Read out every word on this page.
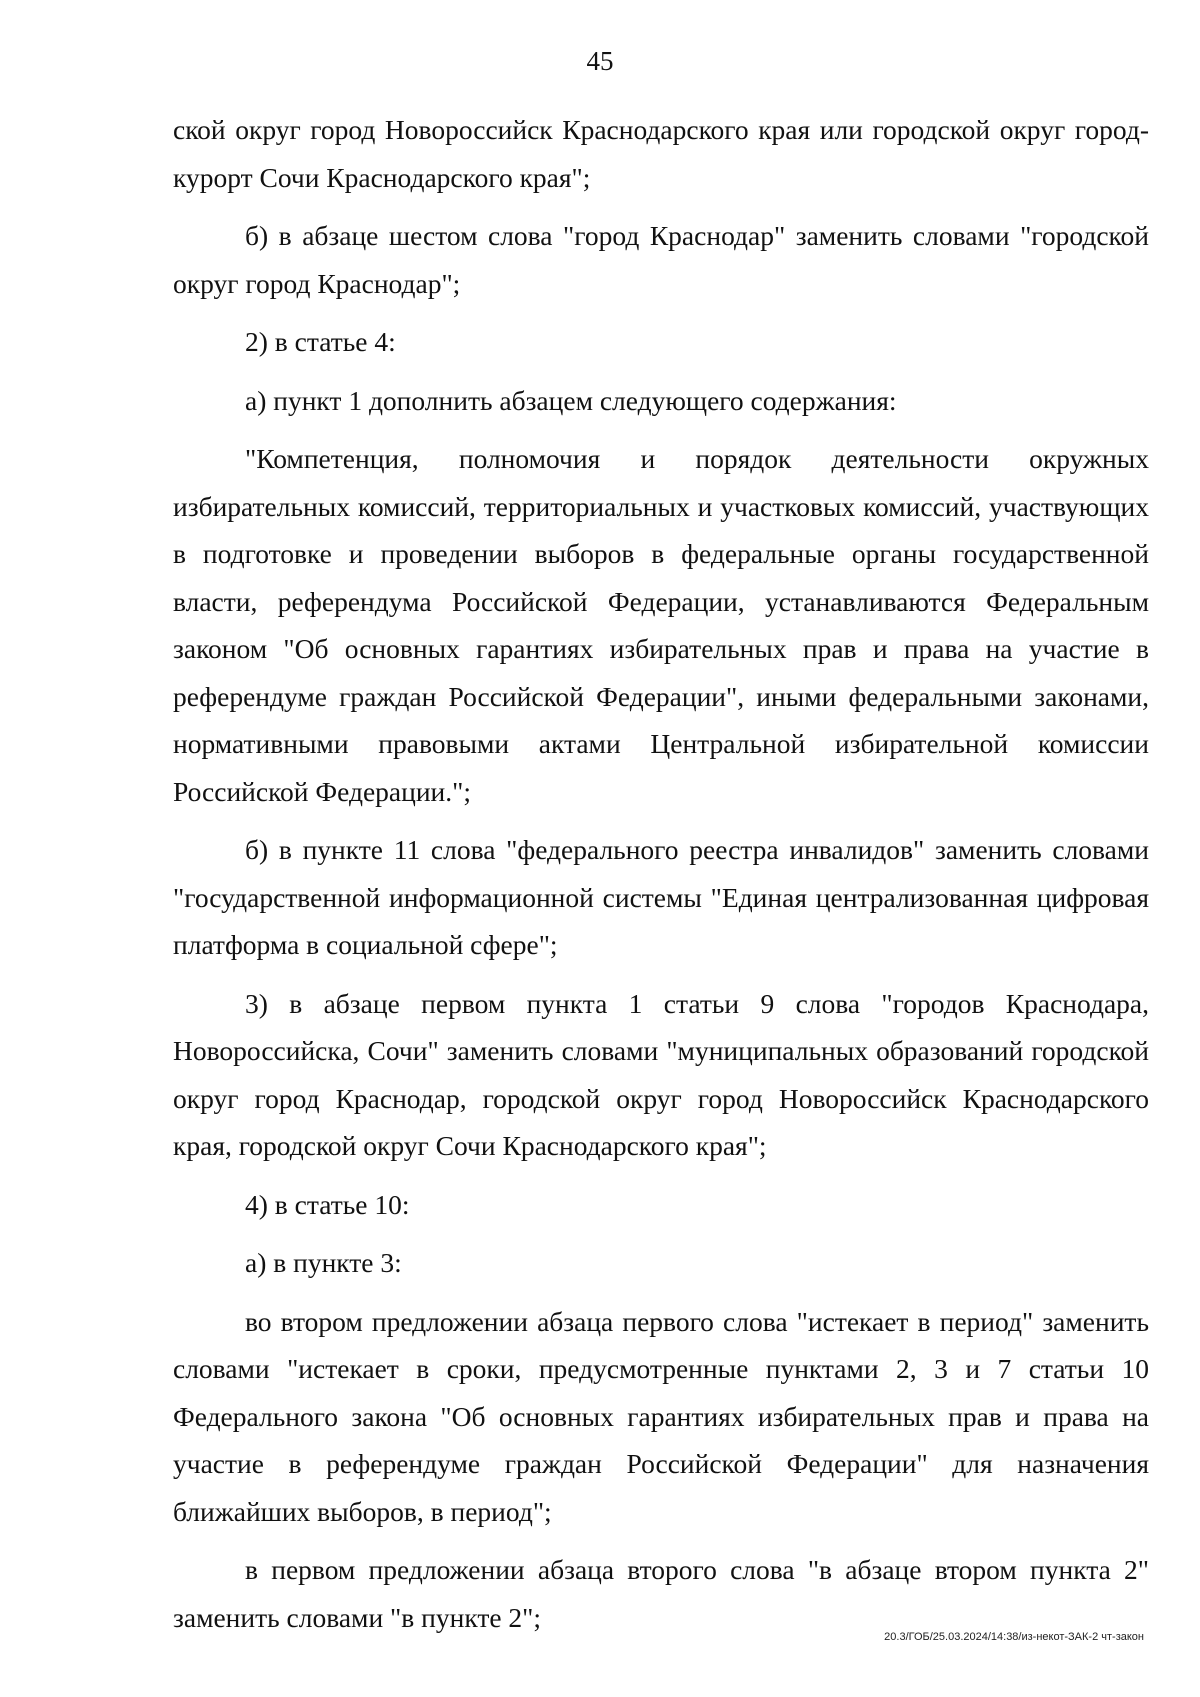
45

ской округ город Новороссийск Краснодарского края или городской округ город-курорт Сочи Краснодарского края";

б) в абзаце шестом слова "город Краснодар" заменить словами "городской округ город Краснодар";

2) в статье 4:

а) пункт 1 дополнить абзацем следующего содержания:

"Компетенция, полномочия и порядок деятельности окружных избирательных комиссий, территориальных и участковых комиссий, участвующих в подготовке и проведении выборов в федеральные органы государственной власти, референдума Российской Федерации, устанавливаются Федеральным законом "Об основных гарантиях избирательных прав и права на участие в референдуме граждан Российской Федерации", иными федеральными законами, нормативными правовыми актами Центральной избирательной комиссии Российской Федерации.";

б) в пункте 11 слова "федерального реестра инвалидов" заменить словами "государственной информационной системы "Единая централизованная цифровая платформа в социальной сфере";

3) в абзаце первом пункта 1 статьи 9 слова "городов Краснодара, Новороссийска, Сочи" заменить словами "муниципальных образований городской округ город Краснодар, городской округ город Новороссийск Краснодарского края, городской округ Сочи Краснодарского края";

4) в статье 10:

а) в пункте 3:

во втором предложении абзаца первого слова "истекает в период" заменить словами "истекает в сроки, предусмотренные пунктами 2, 3 и 7 статьи 10 Федерального закона "Об основных гарантиях избирательных прав и права на участие в референдуме граждан Российской Федерации" для назначения ближайших выборов, в период";

в первом предложении абзаца второго слова "в абзаце втором пункта 2" заменить словами "в пункте 2";

20.3/ГОБ/25.03.2024/14:38/из-некот-ЗАК-2 чт-закон
